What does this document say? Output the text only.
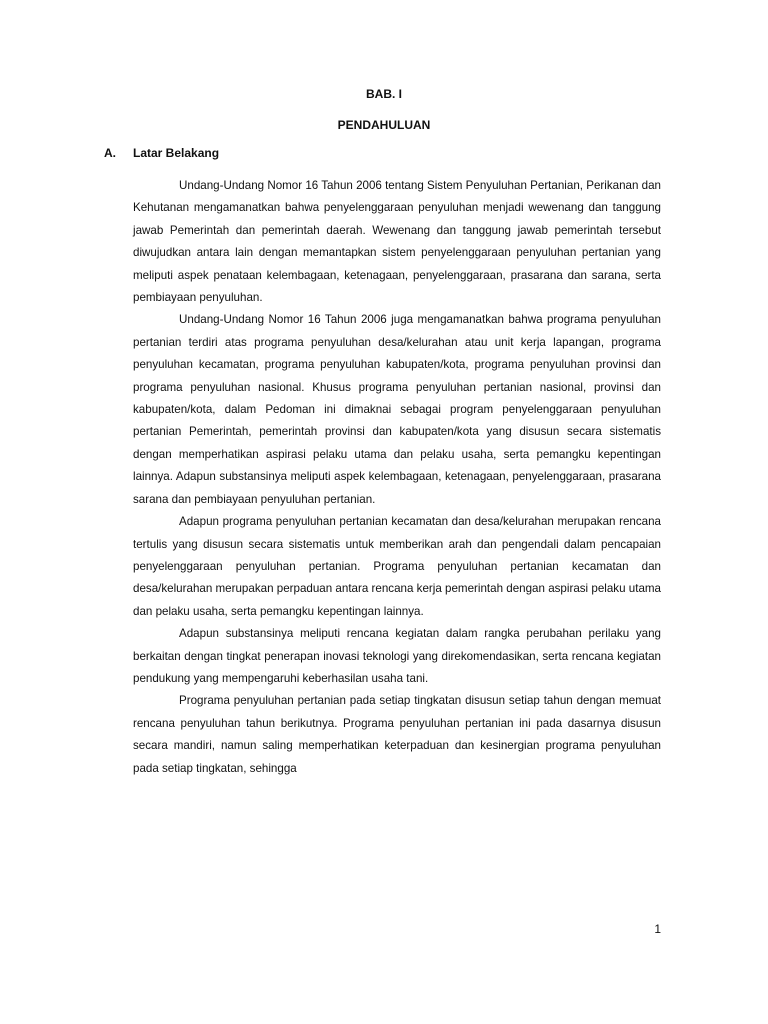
BAB. I
PENDAHULUAN
A.	Latar Belakang

Undang-Undang Nomor 16 Tahun 2006 tentang Sistem Penyuluhan Pertanian, Perikanan dan Kehutanan mengamanatkan bahwa penyelenggaraan penyuluhan menjadi wewenang dan tanggung jawab Pemerintah dan pemerintah daerah. Wewenang dan tanggung jawab pemerintah tersebut diwujudkan antara lain dengan memantapkan sistem penyelenggaraan penyuluhan pertanian yang meliputi aspek penataan kelembagaan, ketenagaan, penyelenggaraan, prasarana dan sarana, serta pembiayaan penyuluhan.

Undang-Undang Nomor 16 Tahun 2006 juga mengamanatkan bahwa programa penyuluhan pertanian terdiri atas programa penyuluhan desa/kelurahan atau unit kerja lapangan, programa penyuluhan kecamatan, programa penyuluhan kabupaten/kota, programa penyuluhan provinsi dan programa penyuluhan nasional. Khusus programa penyuluhan pertanian nasional, provinsi dan kabupaten/kota, dalam Pedoman ini dimaknai sebagai program penyelenggaraan penyuluhan pertanian Pemerintah, pemerintah provinsi dan kabupaten/kota yang disusun secara sistematis dengan memperhatikan aspirasi pelaku utama dan pelaku usaha, serta pemangku kepentingan lainnya. Adapun substansinya meliputi aspek kelembagaan, ketenagaan, penyelenggaraan, prasarana sarana dan pembiayaan penyuluhan pertanian.

Adapun programa penyuluhan pertanian kecamatan dan desa/kelurahan merupakan rencana tertulis yang disusun secara sistematis untuk memberikan arah dan pengendali dalam pencapaian penyelenggaraan penyuluhan pertanian. Programa penyuluhan pertanian kecamatan dan desa/kelurahan merupakan perpaduan antara rencana kerja pemerintah dengan aspirasi pelaku utama dan pelaku usaha, serta pemangku kepentingan lainnya.

Adapun substansinya meliputi rencana kegiatan dalam rangka perubahan perilaku yang berkaitan dengan tingkat penerapan inovasi teknologi yang direkomendasikan, serta rencana kegiatan pendukung yang mempengaruhi keberhasilan usaha tani.

Programa penyuluhan pertanian pada setiap tingkatan disusun setiap tahun dengan memuat rencana penyuluhan tahun berikutnya. Programa penyuluhan pertanian ini pada dasarnya disusun secara mandiri, namun saling memperhatikan keterpaduan dan kesinergian programa penyuluhan pada setiap tingkatan, sehingga

1
